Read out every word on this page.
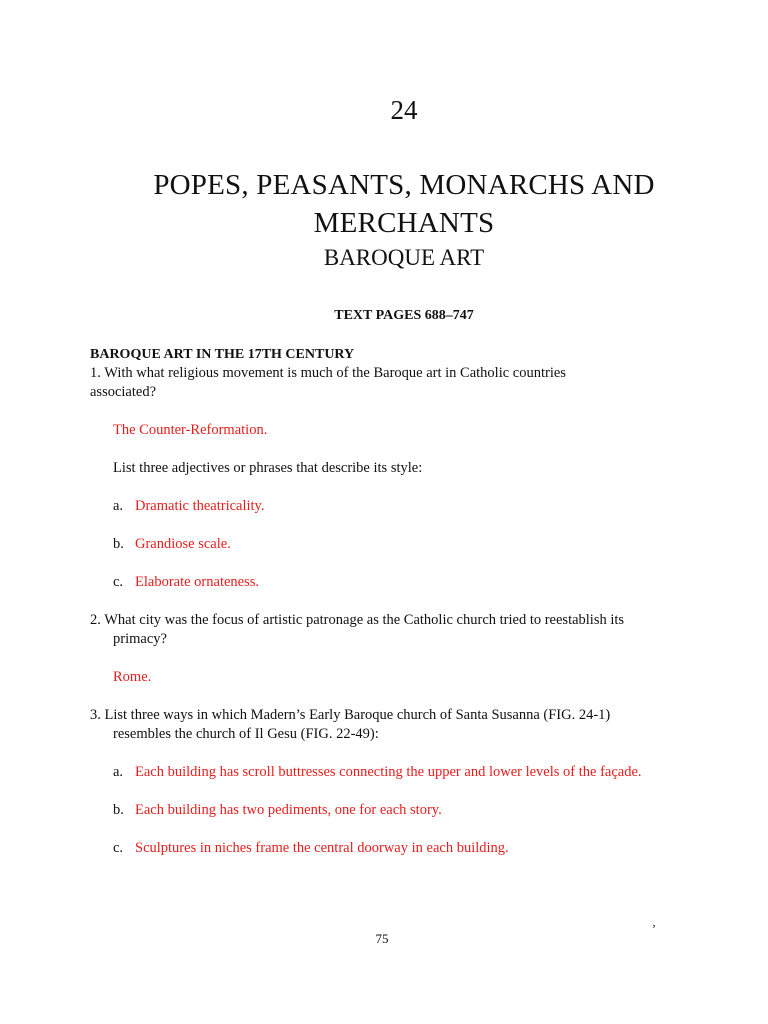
24
POPES, PEASANTS, MONARCHS AND
MERCHANTS
BAROQUE ART
TEXT PAGES 688–747

BAROQUE ART IN THE 17TH CENTURY

1. With what religious movement is much of the Baroque art in Catholic countries

associated?

The Counter-Reformation.

List three adjectives or phrases that describe its style:

a. Dramatic theatricality.
b. Grandiose scale.
c. Elaborate ornateness.

2. What city was the focus of artistic patronage as the Catholic church tried to reestablish its primacy?

Rome.

3. List three ways in which Madern’s Early Baroque church of Santa Susanna (FIG. 24-1) resembles the church of Il Gesu (FIG. 22-49):

a. Each building has scroll buttresses connecting the upper and lower levels of the façade.
b. Each building has two pediments, one for each story.
c. Sculptures in niches frame the central doorway in each building.
75
ʼ
